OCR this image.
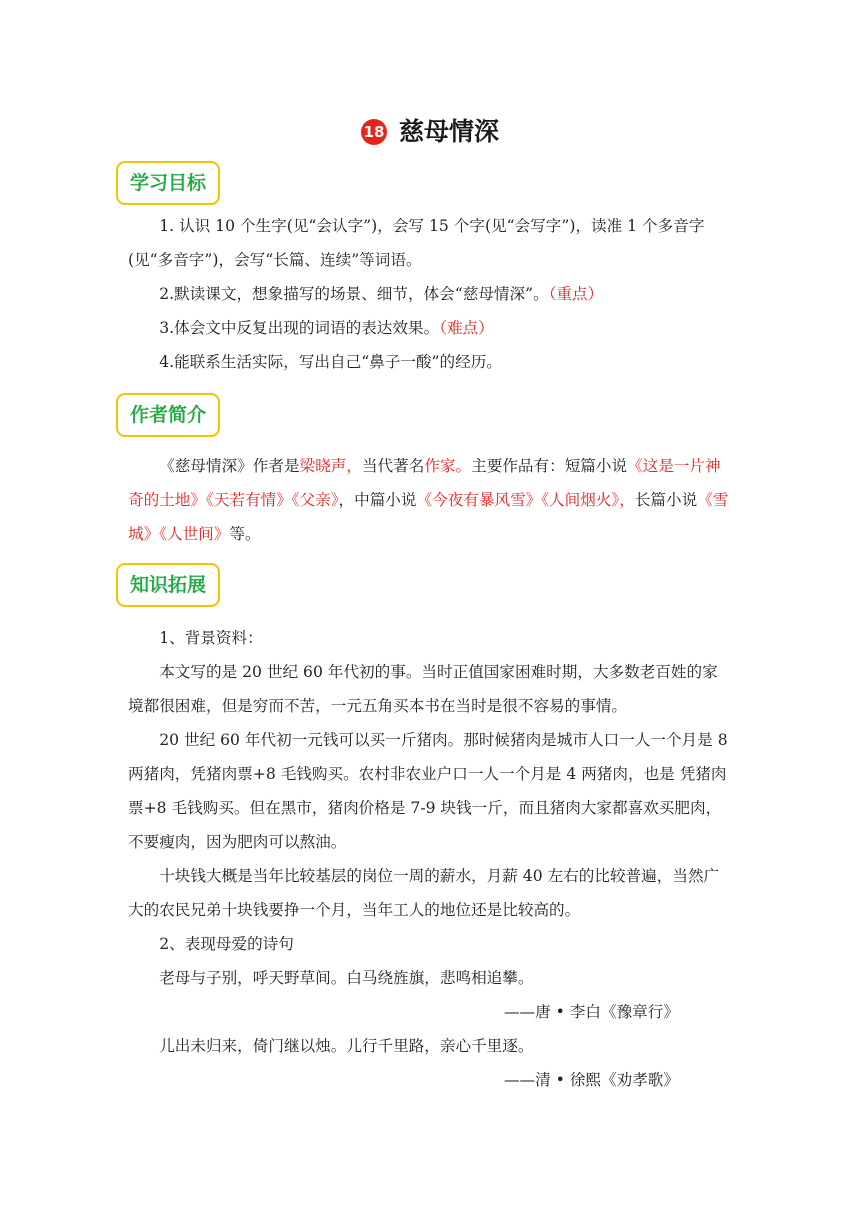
18 慈母情深
学习目标

1. 认识 10 个生字(见“会认字”)，会写 15 个字(见“会写字”)，读准 1 个多音字(见“多音字”)，会写“长篇、连续”等词语。

2.默读课文，想象描写的场景、细节，体会“慈母情深”。（重点）

3.体会文中反复出现的词语的表达效果。（难点）

4.能联系生活实际，写出自己“鼻子一酸”的经历。

作者简介

《慈母情深》作者是梁晓声，当代著名作家。主要作品有：短篇小说《这是一片神奇的土地》《天若有情》《父亲》，中篇小说《今夜有暴风雪》《人间烟火》，长篇小说《雪城》《人世间》等。

知识拓展

1、背景资料：

本文写的是 20 世纪 60 年代初的事。当时正值国家困难时期，大多数老百姓的家境都很困难，但是穷而不苦，一元五角买本书在当时是很不容易的事情。

20 世纪 60 年代初一元钱可以买一斤猪肉。那时候猪肉是城市人口一人一个月是 8 两猪肉，凭猪肉票+8 毛钱购买。农村非农业户口一人一个月是 4 两猪肉，也是 凭猪肉票+8 毛钱购买。但在黑市，猪肉价格是 7-9 块钱一斤，而且猪肉大家都喜欢买肥肉，不要瘦肉，因为肥肉可以熬油。

十块钱大概是当年比较基层的岗位一周的薪水，月薪 40 左右的比较普遍，当然广大的农民兄弟十块钱要挣一个月，当年工人的地位还是比较高的。

2、表现母爱的诗句

老母与子别，呼天野草间。白马绕旌旗，悲鸣相追攀。

——唐 • 李白《豫章行》

儿出未归来，倚门继以烛。儿行千里路，亲心千里逐。

——清 • 徐熙《劝孝歌》
